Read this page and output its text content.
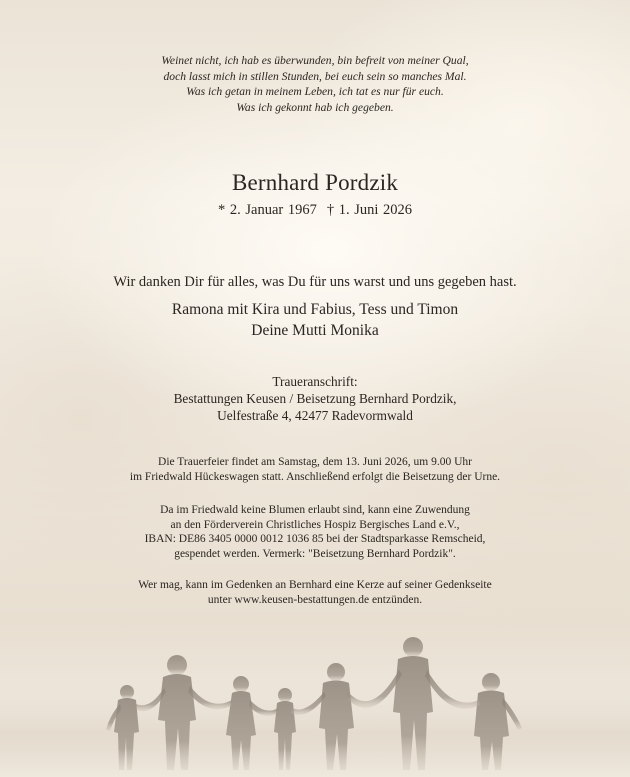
Weinet nicht, ich hab es überwunden, bin befreit von meiner Qual,
doch lasst mich in stillen Stunden, bei euch sein so manches Mal.
Was ich getan in meinem Leben, ich tat es nur für euch.
Was ich gekonnt hab ich gegeben.
Bernhard Pordzik
* 2. Januar 1967 † 1. Juni 2026
Wir danken Dir für alles, was Du für uns warst und uns gegeben hast.
Ramona mit Kira und Fabius, Tess und Timon
Deine Mutti Monika
Traueranschrift:
Bestattungen Keusen / Beisetzung Bernhard Pordzik,
Uelfestraße 4, 42477 Radevormwald
Die Trauerfeier findet am Samstag, dem 13. Juni 2026, um 9.00 Uhr
im Friedwald Hückeswagen statt. Anschließend erfolgt die Beisetzung der Urne.
Da im Friedwald keine Blumen erlaubt sind, kann eine Zuwendung
an den Förderverein Christliches Hospiz Bergisches Land e.V.,
IBAN: DE86 3405 0000 0012 1036 85 bei der Stadtsparkasse Remscheid,
gespendet werden. Vermerk: "Beisetzung Bernhard Pordzik".
Wer mag, kann im Gedenken an Bernhard eine Kerze auf seiner Gedenkseite
unter www.keusen-bestattungen.de entzünden.
